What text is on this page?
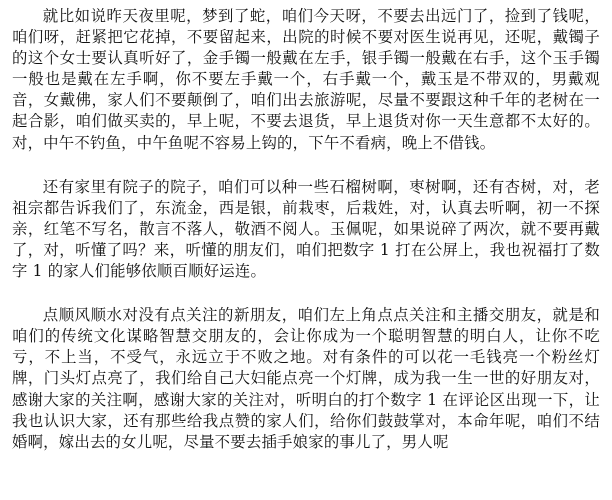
就比如说昨天夜里呢，梦到了蛇，咱们今天呀，不要去出远门了，捡到了钱呢，咱们呀，赶紧把它花掉，不要留起来，出院的时候不要对医生说再见，还呢，戴镯子的这个女士要认真听好了，金手镯一般戴在左手，银手镯一般戴在右手，这个玉手镯一般也是戴在左手啊，你不要左手戴一个，右手戴一个，戴玉是不带双的，男戴观音，女戴佛，家人们不要颠倒了，咱们出去旅游呢，尽量不要跟这种千年的老树在一起合影，咱们做买卖的，早上呢，不要去退货，早上退货对你一天生意都不太好的。对，中午不钓鱼，中午鱼呢不容易上钩的，下午不看病，晚上不借钱。

还有家里有院子的院子，咱们可以种一些石榴树啊，枣树啊，还有杏树，对，老祖宗都告诉我们了，东流金，西是银，前栽枣，后栽姓，对，认真去听啊，初一不探亲，红笔不写名，散言不落人，敬酒不阅人。玉佩呢，如果说碎了两次，就不要再戴了，对，听懂了吗？来，听懂的朋友们，咱们把数字 1 打在公屏上，我也祝福打了数字 1 的家人们能够依顺百顺好运连。

点顺风顺水对没有点关注的新朋友，咱们左上角点点关注和主播交朋友，就是和咱们的传统文化谋略智慧交朋友的，会让你成为一个聪明智慧的明白人，让你不吃亏，不上当，不受气，永远立于不败之地。对有条件的可以花一毛钱亮一个粉丝灯牌，门头灯点亮了，我们给自己大妇能点亮一个灯牌，成为我一生一世的好朋友对，感谢大家的关注啊，感谢大家的关注对，听明白的打个数字 1 在评论区出现一下，让我也认识大家，还有那些给我点赞的家人们，给你们鼓鼓掌对，本命年呢，咱们不结婚啊，嫁出去的女儿呢，尽量不要去插手娘家的事儿了，男人呢
